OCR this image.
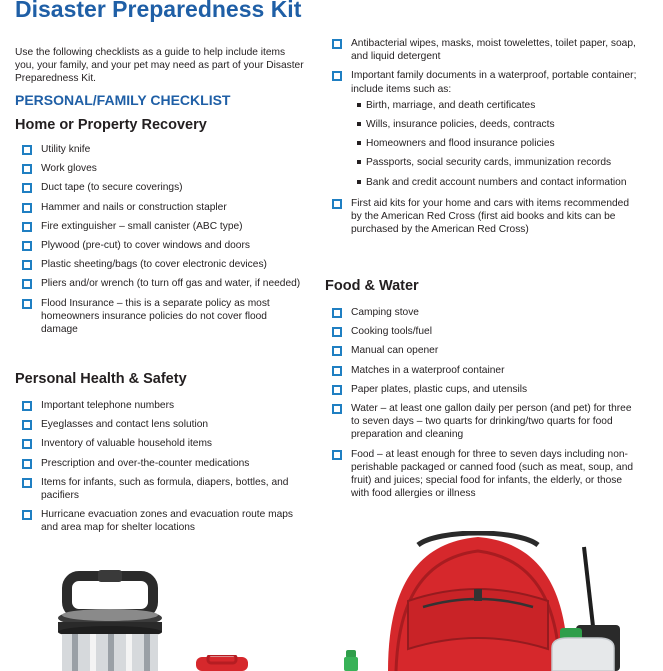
Disaster Preparedness Kit

Use the following checklists as a guide to help include items you, your family, and your pet may need as part of your Disaster Preparedness Kit.

PERSONAL/FAMILY CHECKLIST
Home or Property Recovery
Utility knife
Work gloves
Duct tape (to secure coverings)
Hammer and nails or construction stapler
Fire extinguisher – small canister (ABC type)
Plywood (pre-cut) to cover windows and doors
Plastic sheeting/bags (to cover electronic devices)
Pliers and/or wrench (to turn off gas and water, if needed)
Flood Insurance – this is a separate policy as most homeowners insurance policies do not cover flood damage
Personal Health & Safety
Important telephone numbers
Eyeglasses and contact lens solution
Inventory of valuable household items
Prescription and over-the-counter medications
Items for infants, such as formula, diapers, bottles, and pacifiers
Hurricane evacuation zones and evacuation route maps and area map for shelter locations
Antibacterial wipes, masks, moist towelettes, toilet paper, soap, and liquid detergent
Important family documents in a waterproof, portable container; include items such as:
Birth, marriage, and death certificates
Wills, insurance policies, deeds, contracts
Homeowners and flood insurance policies
Passports, social security cards, immunization records
Bank and credit account numbers and contact information
First aid kits for your home and cars with items recommended by the American Red Cross (first aid books and kits can be purchased by the American Red Cross)
Food & Water
Camping stove
Cooking tools/fuel
Manual can opener
Matches in a waterproof container
Paper plates, plastic cups, and utensils
Water – at least one gallon daily per person (and pet) for three to seven days – two quarts for drinking/two quarts for food preparation and cleaning
Food – at least enough for three to seven days including non-perishable packaged or canned food (such as meat, soup, and fruit) and juices; special food for infants, the elderly, or those with food allergies or illness
